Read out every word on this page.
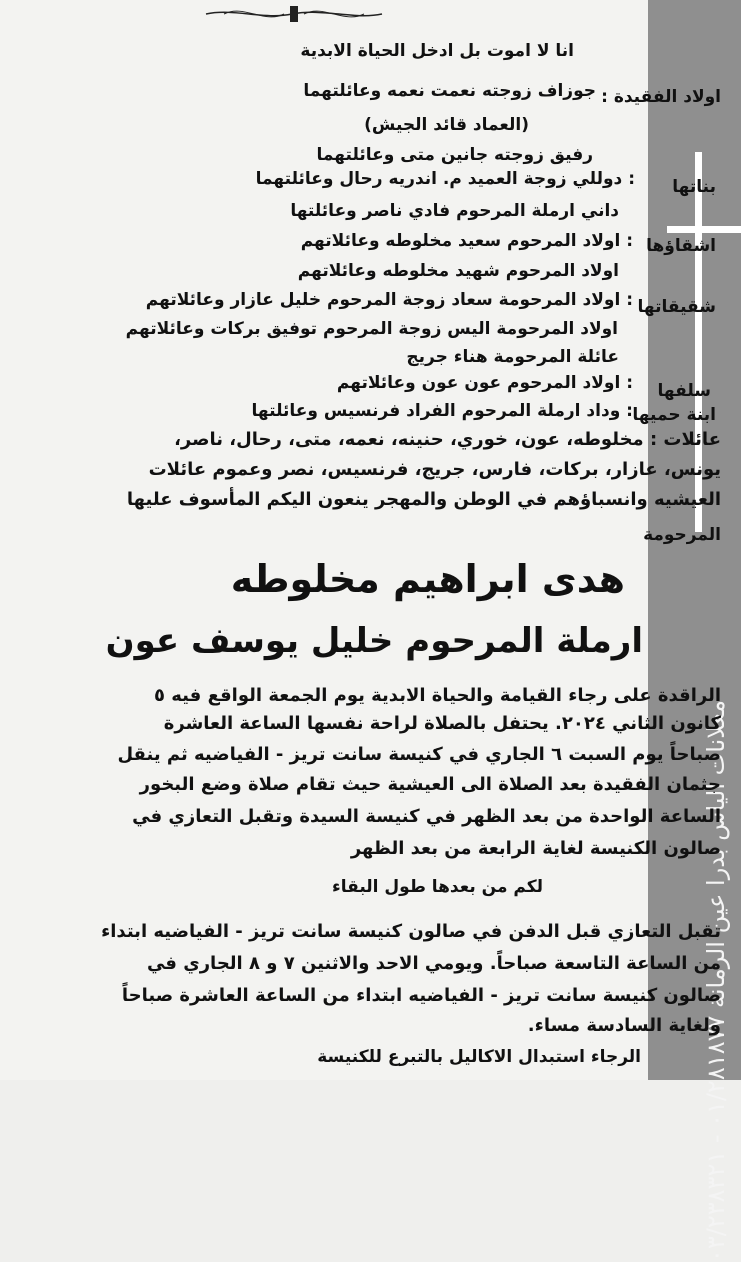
معلانات الياس بدرا عين الرمانة ٠١/٢٨١٨٧٧ - ٠٣/٢٣٨٣٢١
انا لا اموت بل ادخل الحياة الابدية
اولاد الفقيدة :
جوزاف زوجته نعمت نعمه وعائلتهما
(العماد قائد الجيش)
رفيق زوجته جانين متى وعائلتهما
بناتها
: دوللي زوجة العميد م. اندريه رحال وعائلتهما
داني ارملة المرحوم فادي ناصر وعائلتها
اشقاؤها
: اولاد المرحوم سعيد مخلوطه وعائلاتهم
اولاد المرحوم شهيد مخلوطه وعائلاتهم
شقيقاتها
: اولاد المرحومة سعاد زوجة المرحوم خليل عازار وعائلاتهم
اولاد المرحومة اليس زوجة المرحوم توفيق بركات وعائلاتهم
عائلة المرحومة هناء جريج
سلفها
: اولاد المرحوم عون عون وعائلاتهم
ابنة حميها
: وداد ارملة المرحوم الفراد فرنسيس وعائلتها
عائلات : مخلوطه، عون، خوري، حنينه، نعمه، متى، رحال، ناصر،
يونس، عازار، بركات، فارس، جريج، فرنسيس، نصر وعموم عائلات
العيشيه وانسباؤهم في الوطن والمهجر ينعون اليكم المأسوف عليها
المرحومة
هدى ابراهيم مخلوطه
ارملة المرحوم خليل يوسف عون
الراقدة على رجاء القيامة والحياة الابدية يوم الجمعة الواقع فيه ٥
كانون الثاني ٢٠٢٤. يحتفل بالصلاة لراحة نفسها الساعة العاشرة
صباحاً يوم السبت ٦ الجاري في كنيسة سانت تريز - الفياضيه ثم ينقل
جثمان الفقيدة بعد الصلاة الى العيشية حيث تقام صلاة وضع البخور
الساعة الواحدة من بعد الظهر في كنيسة السيدة وتقبل التعازي في
صالون الكنيسة لغاية الرابعة من بعد الظهر
لكم من بعدها طول البقاء
تقبل التعازي قبل الدفن في صالون كنيسة سانت تريز - الفياضيه ابتداء
من الساعة التاسعة صباحاً. ويومي الاحد والاثنين ٧ و ٨ الجاري في
صالون كنيسة سانت تريز - الفياضيه ابتداء من الساعة العاشرة صباحاً
ولغاية السادسة مساء.
الرجاء استبدال الاكاليل بالتبرع للكنيسة
